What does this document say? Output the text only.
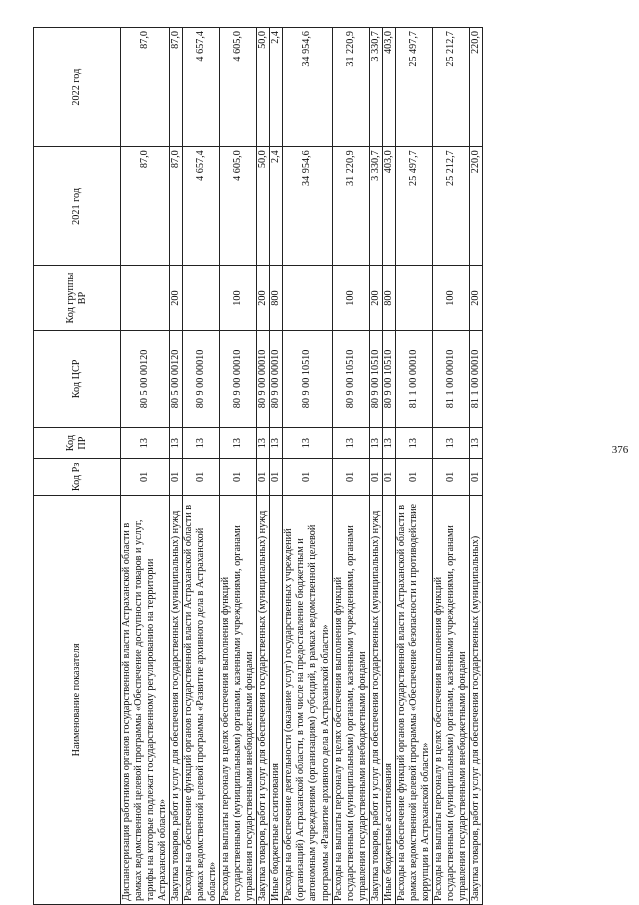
376
Наименование показателя	Код Рз	Код ПР	Код ЦСР	Код группы ВР	2021 год	2022 год
Диспансеризация работников органов государственной власти Астраханской области в рамках ведомственной целевой программы «Обеспечение доступности товаров и услуг, тарифы на которые подлежат государственному регулированию на территории Астраханской области»	01	13	80 5 00 00120		87,0	87,0
Закупка товаров, работ и услуг для обеспечения государственных (муниципальных) нужд	01	13	80 5 00 00120	200	87,0	87,0
Расходы на обеспечение функций органов государственной власти Астраханской области в рамках ведомственной целевой программы «Развитие архивного дела в Астраханской области»	01	13	80 9 00 00010		4 657,4	4 657,4
Расходы на выплаты персоналу в целях обеспечения выполнения функций государственными (муниципальными) органами, казенными учреждениями, органами управления государственными внебюджетными фондами	01	13	80 9 00 00010	100	4 605,0	4 605,0
Закупка товаров, работ и услуг для обеспечения государственных (муниципальных) нужд	01	13	80 9 00 00010	200	50,0	50,0
Иные бюджетные ассигнования	01	13	80 9 00 00010	800	2,4	2,4
Расходы на обеспечение деятельности (оказание услуг) государственных учреждений (организаций) Астраханской области, в том числе на предоставление бюджетным и автономным учреждениям (организациям) субсидий, в рамках ведомственной целевой программы «Развитие архивного дела в Астраханской области»	01	13	80 9 00 10510		34 954,6	34 954,6
Расходы на выплаты персоналу в целях обеспечения выполнения функций государственными (муниципальными) органами, казенными учреждениями, органами управления государственными внебюджетными фондами	01	13	80 9 00 10510	100	31 220,9	31 220,9
Закупка товаров, работ и услуг для обеспечения государственных (муниципальных) нужд	01	13	80 9 00 10510	200	3 330,7	3 330,7
Иные бюджетные ассигнования	01	13	80 9 00 10510	800	403,0	403,0
Расходы на обеспечение функций органов государственной власти Астраханской области в рамках ведомственной целевой программы «Обеспечение безопасности и противодействие коррупции в Астраханской области»	01	13	81 1 00 00010		25 497,7	25 497,7
Расходы на выплаты персоналу в целях обеспечения выполнения функций государственными (муниципальными) органами, казенными учреждениями, органами управления государственными внебюджетными фондами	01	13	81 1 00 00010	100	25 212,7	25 212,7
Закупка товаров, работ и услуг для обеспечения государственных (муниципальных)	01	13	81 1 00 00010	200	220,0	220,0
